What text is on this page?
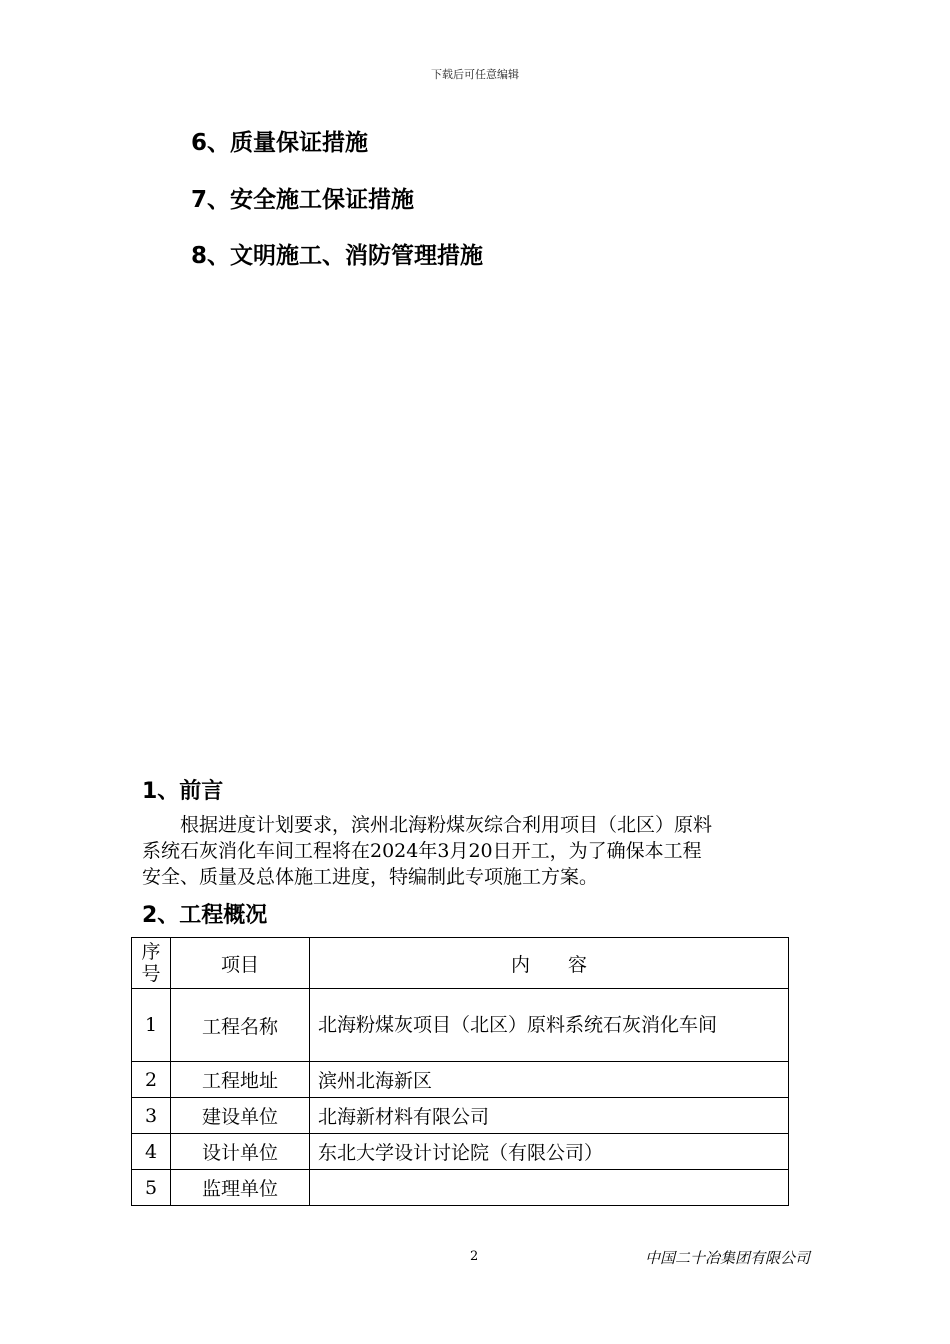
下载后可任意编辑
6、质量保证措施
7、安全施工保证措施
8、文明施工、消防管理措施
1、前言

　　根据进度计划要求，滨州北海粉煤灰综合利用项目（北区）原料

系统石灰消化车间工程将在2024年3月20日开工，为了确保本工程

安全、质量及总体施工进度，特编制此专项施工方案。

2、工程概况
序号	项目	内　　容
1	工程名称	北海粉煤灰项目（北区）原料系统石灰消化车间
2	工程地址	滨州北海新区
3	建设单位	北海新材料有限公司
4	设计单位	东北大学设计讨论院（有限公司）
5	监理单位	
2	中国二十冶集团有限公司
